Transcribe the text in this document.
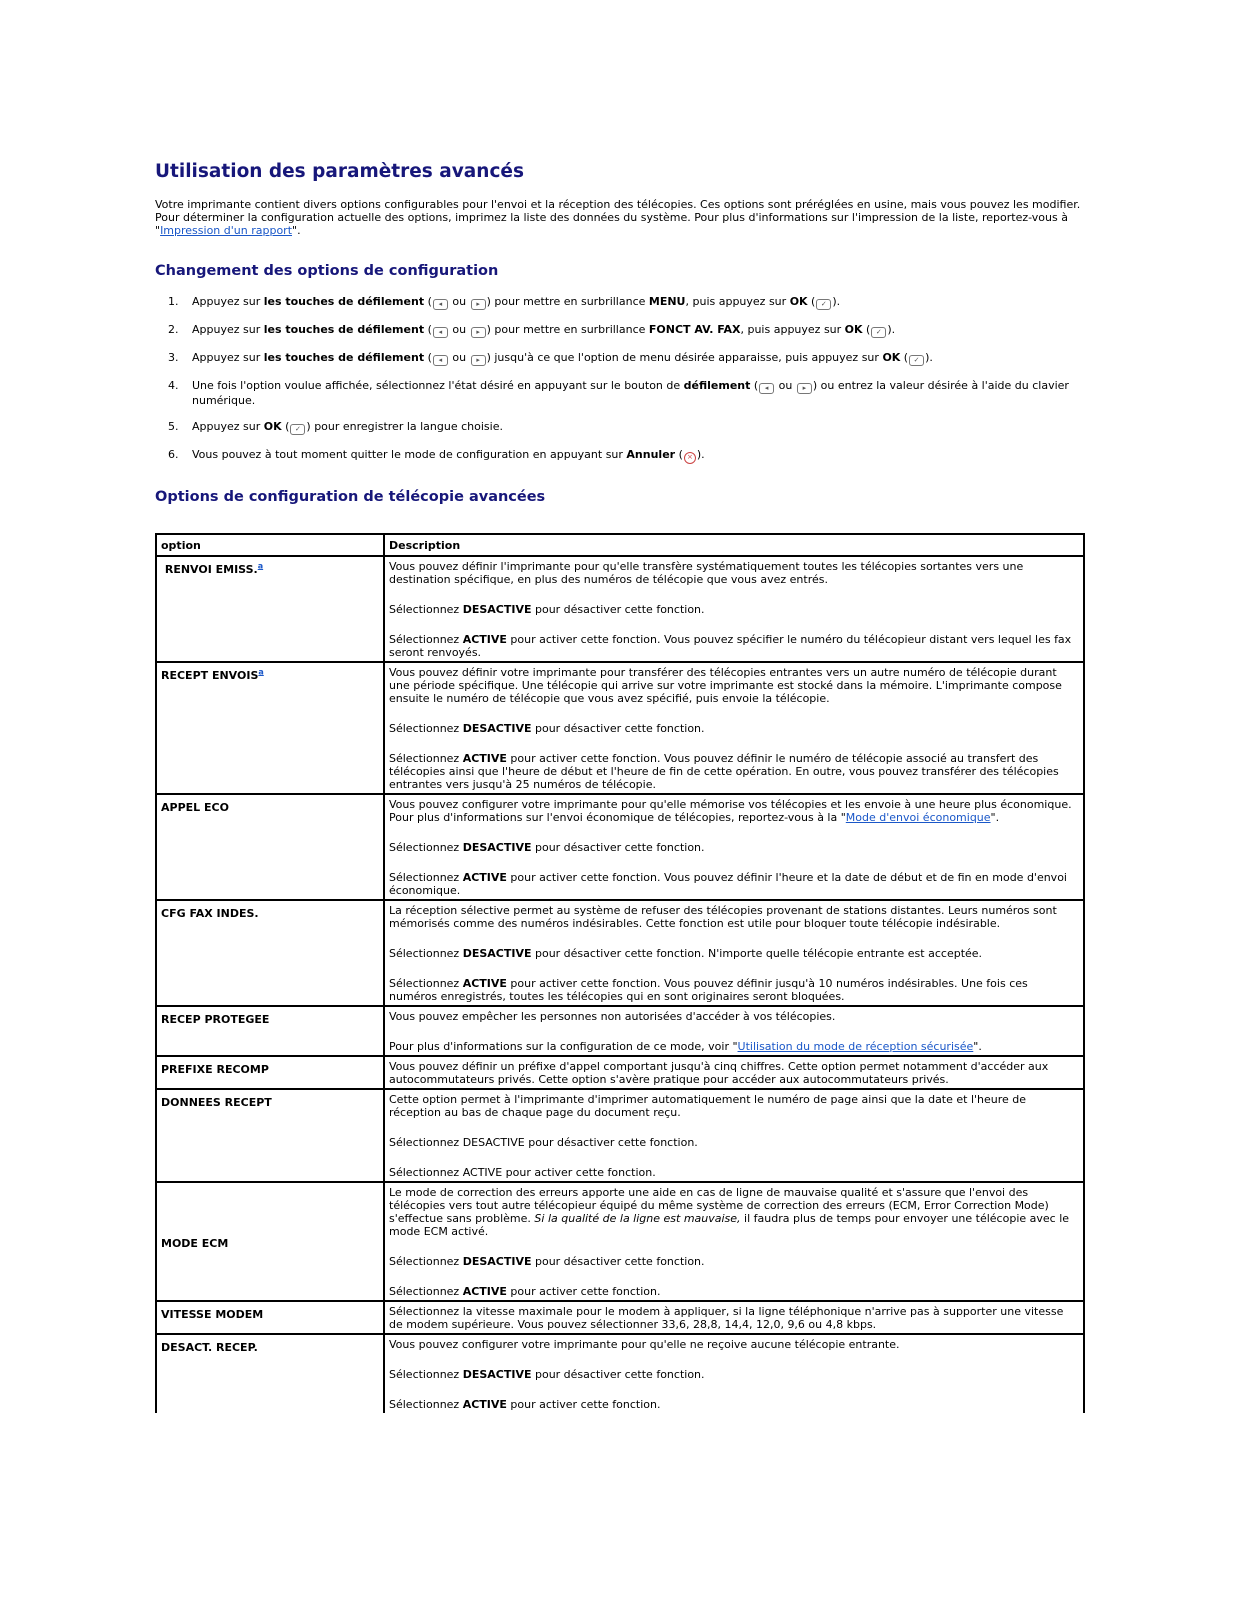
Utilisation des paramètres avancés

Votre imprimante contient divers options configurables pour l'envoi et la réception des télécopies. Ces options sont préréglées en usine, mais vous pouvez les modifier. Pour déterminer la configuration actuelle des options, imprimez la liste des données du système. Pour plus d'informations sur l'impression de la liste, reportez-vous à "Impression d'un rapport".

Changement des options de configuration
1. Appuyez sur les touches de défilement ( ◂ ou ▸ ) pour mettre en surbrillance MENU, puis appuyez sur OK ( ✓ ).
2. Appuyez sur les touches de défilement ( ◂ ou ▸ ) pour mettre en surbrillance FONCT AV. FAX, puis appuyez sur OK ( ✓ ).
3. Appuyez sur les touches de défilement ( ◂ ou ▸ ) jusqu'à ce que l'option de menu désirée apparaisse, puis appuyez sur OK ( ✓ ).
4. Une fois l'option voulue affichée, sélectionnez l'état désiré en appuyant sur le bouton de défilement ( ◂ ou ▸ ) ou entrez la valeur désirée à l'aide du clavier numérique.
5. Appuyez sur OK ( ✓ ) pour enregistrer la langue choisie.
6. Vous pouvez à tout moment quitter le mode de configuration en appuyant sur Annuler ( × ).
Options de configuration de télécopie avancées
option	Description
RENVOI EMISS.$^a$	Vous pouvez définir l'imprimante pour qu'elle transfère systématiquement toutes les télécopies sortantes vers une destination spécifique, en plus des numéros de télécopie que vous avez entrés.

Sélectionnez DESACTIVE pour désactiver cette fonction.

Sélectionnez ACTIVE pour activer cette fonction. Vous pouvez spécifier le numéro du télécopieur distant vers lequel les fax seront renvoyés.

RECEPT ENVOIS$^a$	Vous pouvez définir votre imprimante pour transférer des télécopies entrantes vers un autre numéro de télécopie durant une période spécifique. Une télécopie qui arrive sur votre imprimante est stocké dans la mémoire. L'imprimante compose ensuite le numéro de télécopie que vous avez spécifié, puis envoie la télécopie.

Sélectionnez DESACTIVE pour désactiver cette fonction.

Sélectionnez ACTIVE pour activer cette fonction. Vous pouvez définir le numéro de télécopie associé au transfert des télécopies ainsi que l'heure de début et l'heure de fin de cette opération. En outre, vous pouvez transférer des télécopies entrantes vers jusqu'à 25 numéros de télécopie.

APPEL ECO	Vous pouvez configurer votre imprimante pour qu'elle mémorise vos télécopies et les envoie à une heure plus économique. Pour plus d'informations sur l'envoi économique de télécopies, reportez-vous à la "Mode d'envoi économique".

Sélectionnez DESACTIVE pour désactiver cette fonction.

Sélectionnez ACTIVE pour activer cette fonction. Vous pouvez définir l'heure et la date de début et de fin en mode d'envoi économique.

CFG FAX INDES.	La réception sélective permet au système de refuser des télécopies provenant de stations distantes. Leurs numéros sont mémorisés comme des numéros indésirables. Cette fonction est utile pour bloquer toute télécopie indésirable.

Sélectionnez DESACTIVE pour désactiver cette fonction. N'importe quelle télécopie entrante est acceptée.

Sélectionnez ACTIVE pour activer cette fonction. Vous pouvez définir jusqu'à 10 numéros indésirables. Une fois ces numéros enregistrés, toutes les télécopies qui en sont originaires seront bloquées.

RECEP PROTEGEE	Vous pouvez empêcher les personnes non autorisées d'accéder à vos télécopies.

Pour plus d'informations sur la configuration de ce mode, voir "Utilisation du mode de réception sécurisée".

PREFIXE RECOMP	Vous pouvez définir un préfixe d'appel comportant jusqu'à cinq chiffres. Cette option permet notamment d'accéder aux autocommutateurs privés. Cette option s'avère pratique pour accéder aux autocommutateurs privés.

DONNEES RECEPT	Cette option permet à l'imprimante d'imprimer automatiquement le numéro de page ainsi que la date et l'heure de réception au bas de chaque page du document reçu.

Sélectionnez DESACTIVE pour désactiver cette fonction.

Sélectionnez ACTIVE pour activer cette fonction.

MODE ECM	Le mode de correction des erreurs apporte une aide en cas de ligne de mauvaise qualité et s'assure que l'envoi des télécopies vers tout autre télécopieur équipé du même système de correction des erreurs (ECM, Error Correction Mode) s'effectue sans problème. Si la qualité de la ligne est mauvaise, il faudra plus de temps pour envoyer une télécopie avec le mode ECM activé.

Sélectionnez DESACTIVE pour désactiver cette fonction.

Sélectionnez ACTIVE pour activer cette fonction.

VITESSE MODEM	Sélectionnez la vitesse maximale pour le modem à appliquer, si la ligne téléphonique n'arrive pas à supporter une vitesse de modem supérieure. Vous pouvez sélectionner 33,6, 28,8, 14,4, 12,0, 9,6 ou 4,8 kbps.

DESACT. RECEP.	Vous pouvez configurer votre imprimante pour qu'elle ne reçoive aucune télécopie entrante.

Sélectionnez DESACTIVE pour désactiver cette fonction.

Sélectionnez ACTIVE pour activer cette fonction.
